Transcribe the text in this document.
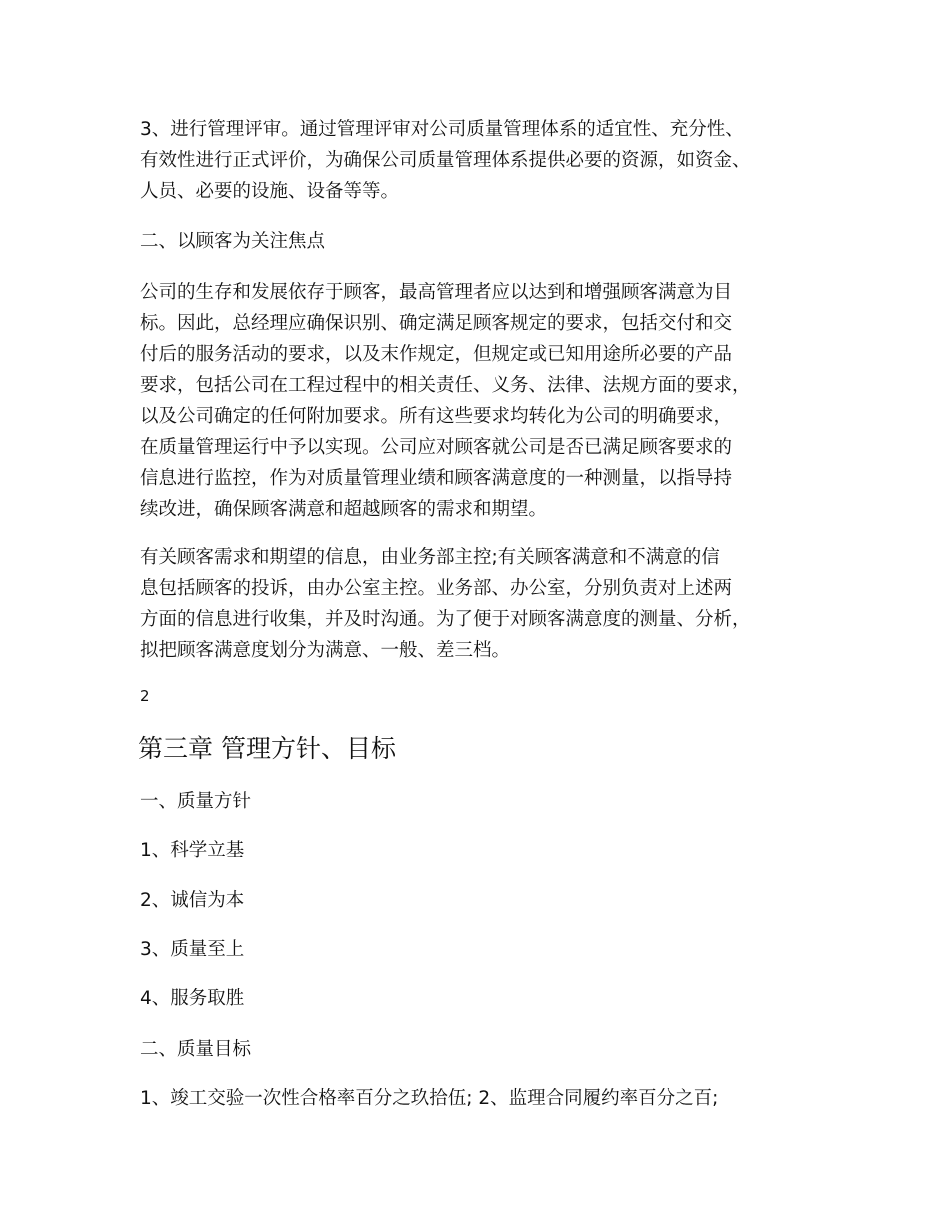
3、进行管理评审。通过管理评审对公司质量管理体系的适宜性、充分性、
有效性进行正式评价，为确保公司质量管理体系提供必要的资源，如资金、
人员、必要的设施、设备等等。

二、以顾客为关注焦点

公司的生存和发展依存于顾客，最高管理者应以达到和增强顾客满意为目
标。因此，总经理应确保识别、确定满足顾客规定的要求，包括交付和交
付后的服务活动的要求，以及末作规定，但规定或已知用途所必要的产品
要求，包括公司在工程过程中的相关责任、义务、法律、法规方面的要求，
以及公司确定的任何附加要求。所有这些要求均转化为公司的明确要求，
在质量管理运行中予以实现。公司应对顾客就公司是否已满足顾客要求的
信息进行监控，作为对质量管理业绩和顾客满意度的一种测量，以指导持
续改进，确保顾客满意和超越顾客的需求和期望。

有关顾客需求和期望的信息，由业务部主控;有关顾客满意和不满意的信
息包括顾客的投诉，由办公室主控。业务部、办公室，分别负责对上述两
方面的信息进行收集，并及时沟通。为了便于对顾客满意度的测量、分析，
拟把顾客满意度划分为满意、一般、差三档。

2
第三章 管理方针、目标
一、质量方针
1、科学立基
2、诚信为本
3、质量至上
4、服务取胜
二、质量目标
1、竣工交验一次性合格率百分之玖拾伍; 2、监理合同履约率百分之百;
